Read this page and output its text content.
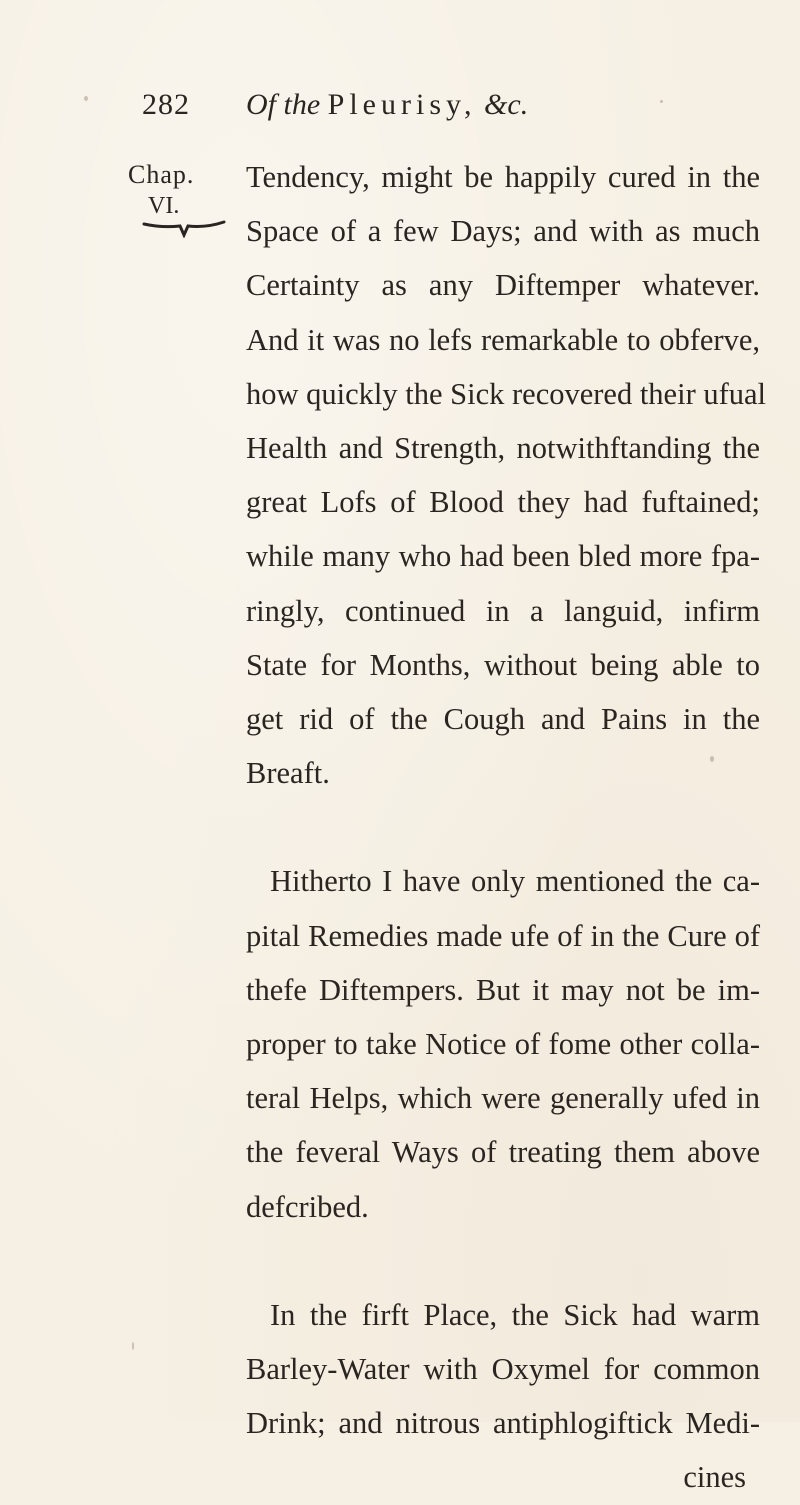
282 Of the Pleurisy, &c.
Chap.
VI.

Tendency, might be happily cured in the
Space of a few Days; and with as much
Certainty as any Diftemper whatever.
And it was no lefs remarkable to obferve,
how quickly the Sick recovered their ufual
Health and Strength, notwithftanding the
great Lofs of Blood they had fuftained;
while many who had been bled more fpa-
ringly, continued in a languid, infirm
State for Months, without being able to
get rid of the Cough and Pains in the
Breaft.

Hitherto I have only mentioned the ca-
pital Remedies made ufe of in the Cure of
thefe Diftempers. But it may not be im-
proper to take Notice of fome other colla-
teral Helps, which were generally ufed in
the feveral Ways of treating them above
defcribed.

In the firft Place, the Sick had warm
Barley-Water with Oxymel for common
Drink; and nitrous antiphlogiftick Medi-
cines
